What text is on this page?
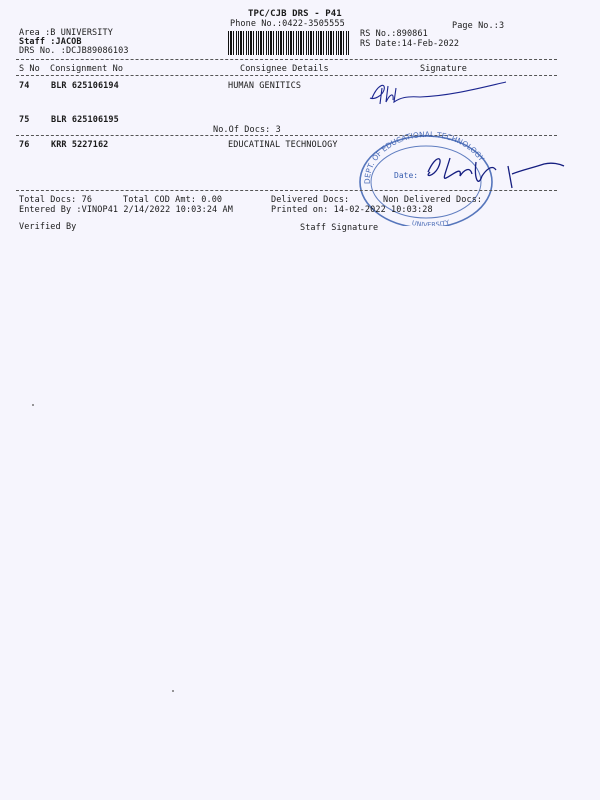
TPC/CJB DRS - P41
Phone No.:0422-3505555
Area :B UNIVERSITY
Staff :JACOB
DRS No. :DCJB89086103
RS No.:890861
RS Date:14-Feb-2022
Page No.:3
S No Consignment No	Consignee Details	Signature
74	BLR 625106194	HUMAN GENITICS
75	BLR 625106195
No.Of Docs: 3
76	KRR 5227162	EDUCATINAL TECHNOLOGY
DEPT. OF EDUCATIONAL TECHNOLOGY
UNIVERSITY
Date:
Total Docs: 76	Total COD Amt: 0.00	Delivered Docs:	Non Delivered Docs:
Entered By :VINOP41 2/14/2022 10:03:24 AM	Printed on: 14-02-2022 10:03:28
Verified By	Staff Signature
